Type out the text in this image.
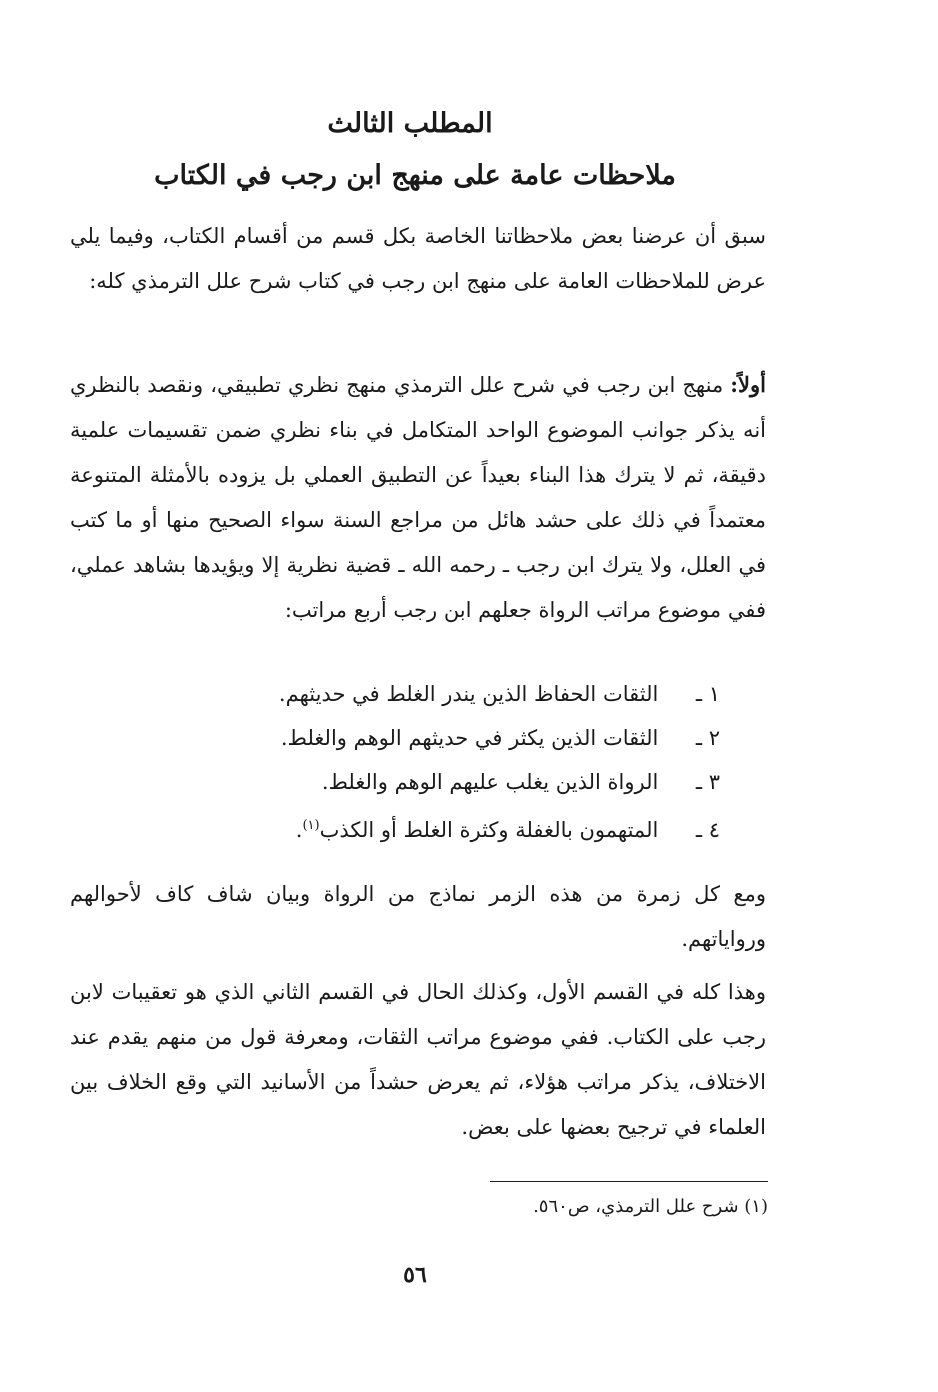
المطلب الثالث
ملاحظات عامة على منهج ابن رجب في الكتاب

سبق أن عرضنا بعض ملاحظاتنا الخاصة بكل قسم من أقسام الكتاب، وفيما يلي عرض للملاحظات العامة على منهج ابن رجب في كتاب شرح علل الترمذي كله:

أولاً: منهج ابن رجب في شرح علل الترمذي منهج نظري تطبيقي، ونقصد بالنظري أنه يذكر جوانب الموضوع الواحد المتكامل في بناء نظري ضمن تقسيمات علمية دقيقة، ثم لا يترك هذا البناء بعيداً عن التطبيق العملي بل يزوده بالأمثلة المتنوعة معتمداً في ذلك على حشد هائل من مراجع السنة سواء الصحيح منها أو ما كتب في العلل، ولا يترك ابن رجب ـ رحمه الله ـ قضية نظرية إلا ويؤيدها بشاهد عملي، ففي موضوع مراتب الرواة جعلهم ابن رجب أربع مراتب:

١ ـ الثقات الحفاظ الذين يندر الغلط في حديثهم.
٢ ـ الثقات الذين يكثر في حديثهم الوهم والغلط.
٣ ـ الرواة الذين يغلب عليهم الوهم والغلط.
٤ ـ المتهمون بالغفلة وكثرة الغلط أو الكذب$^{(١)}$.

ومع كل زمرة من هذه الزمر نماذج من الرواة وبيان شاف كاف لأحوالهم ورواياتهم.

وهذا كله في القسم الأول، وكذلك الحال في القسم الثاني الذي هو تعقيبات لابن رجب على الكتاب. ففي موضوع مراتب الثقات، ومعرفة قول من منهم يقدم عند الاختلاف، يذكر مراتب هؤلاء، ثم يعرض حشداً من الأسانيد التي وقع الخلاف بين العلماء في ترجيح بعضها على بعض.

(١) شرح علل الترمذي، ص٥٦٠.
٥٦
